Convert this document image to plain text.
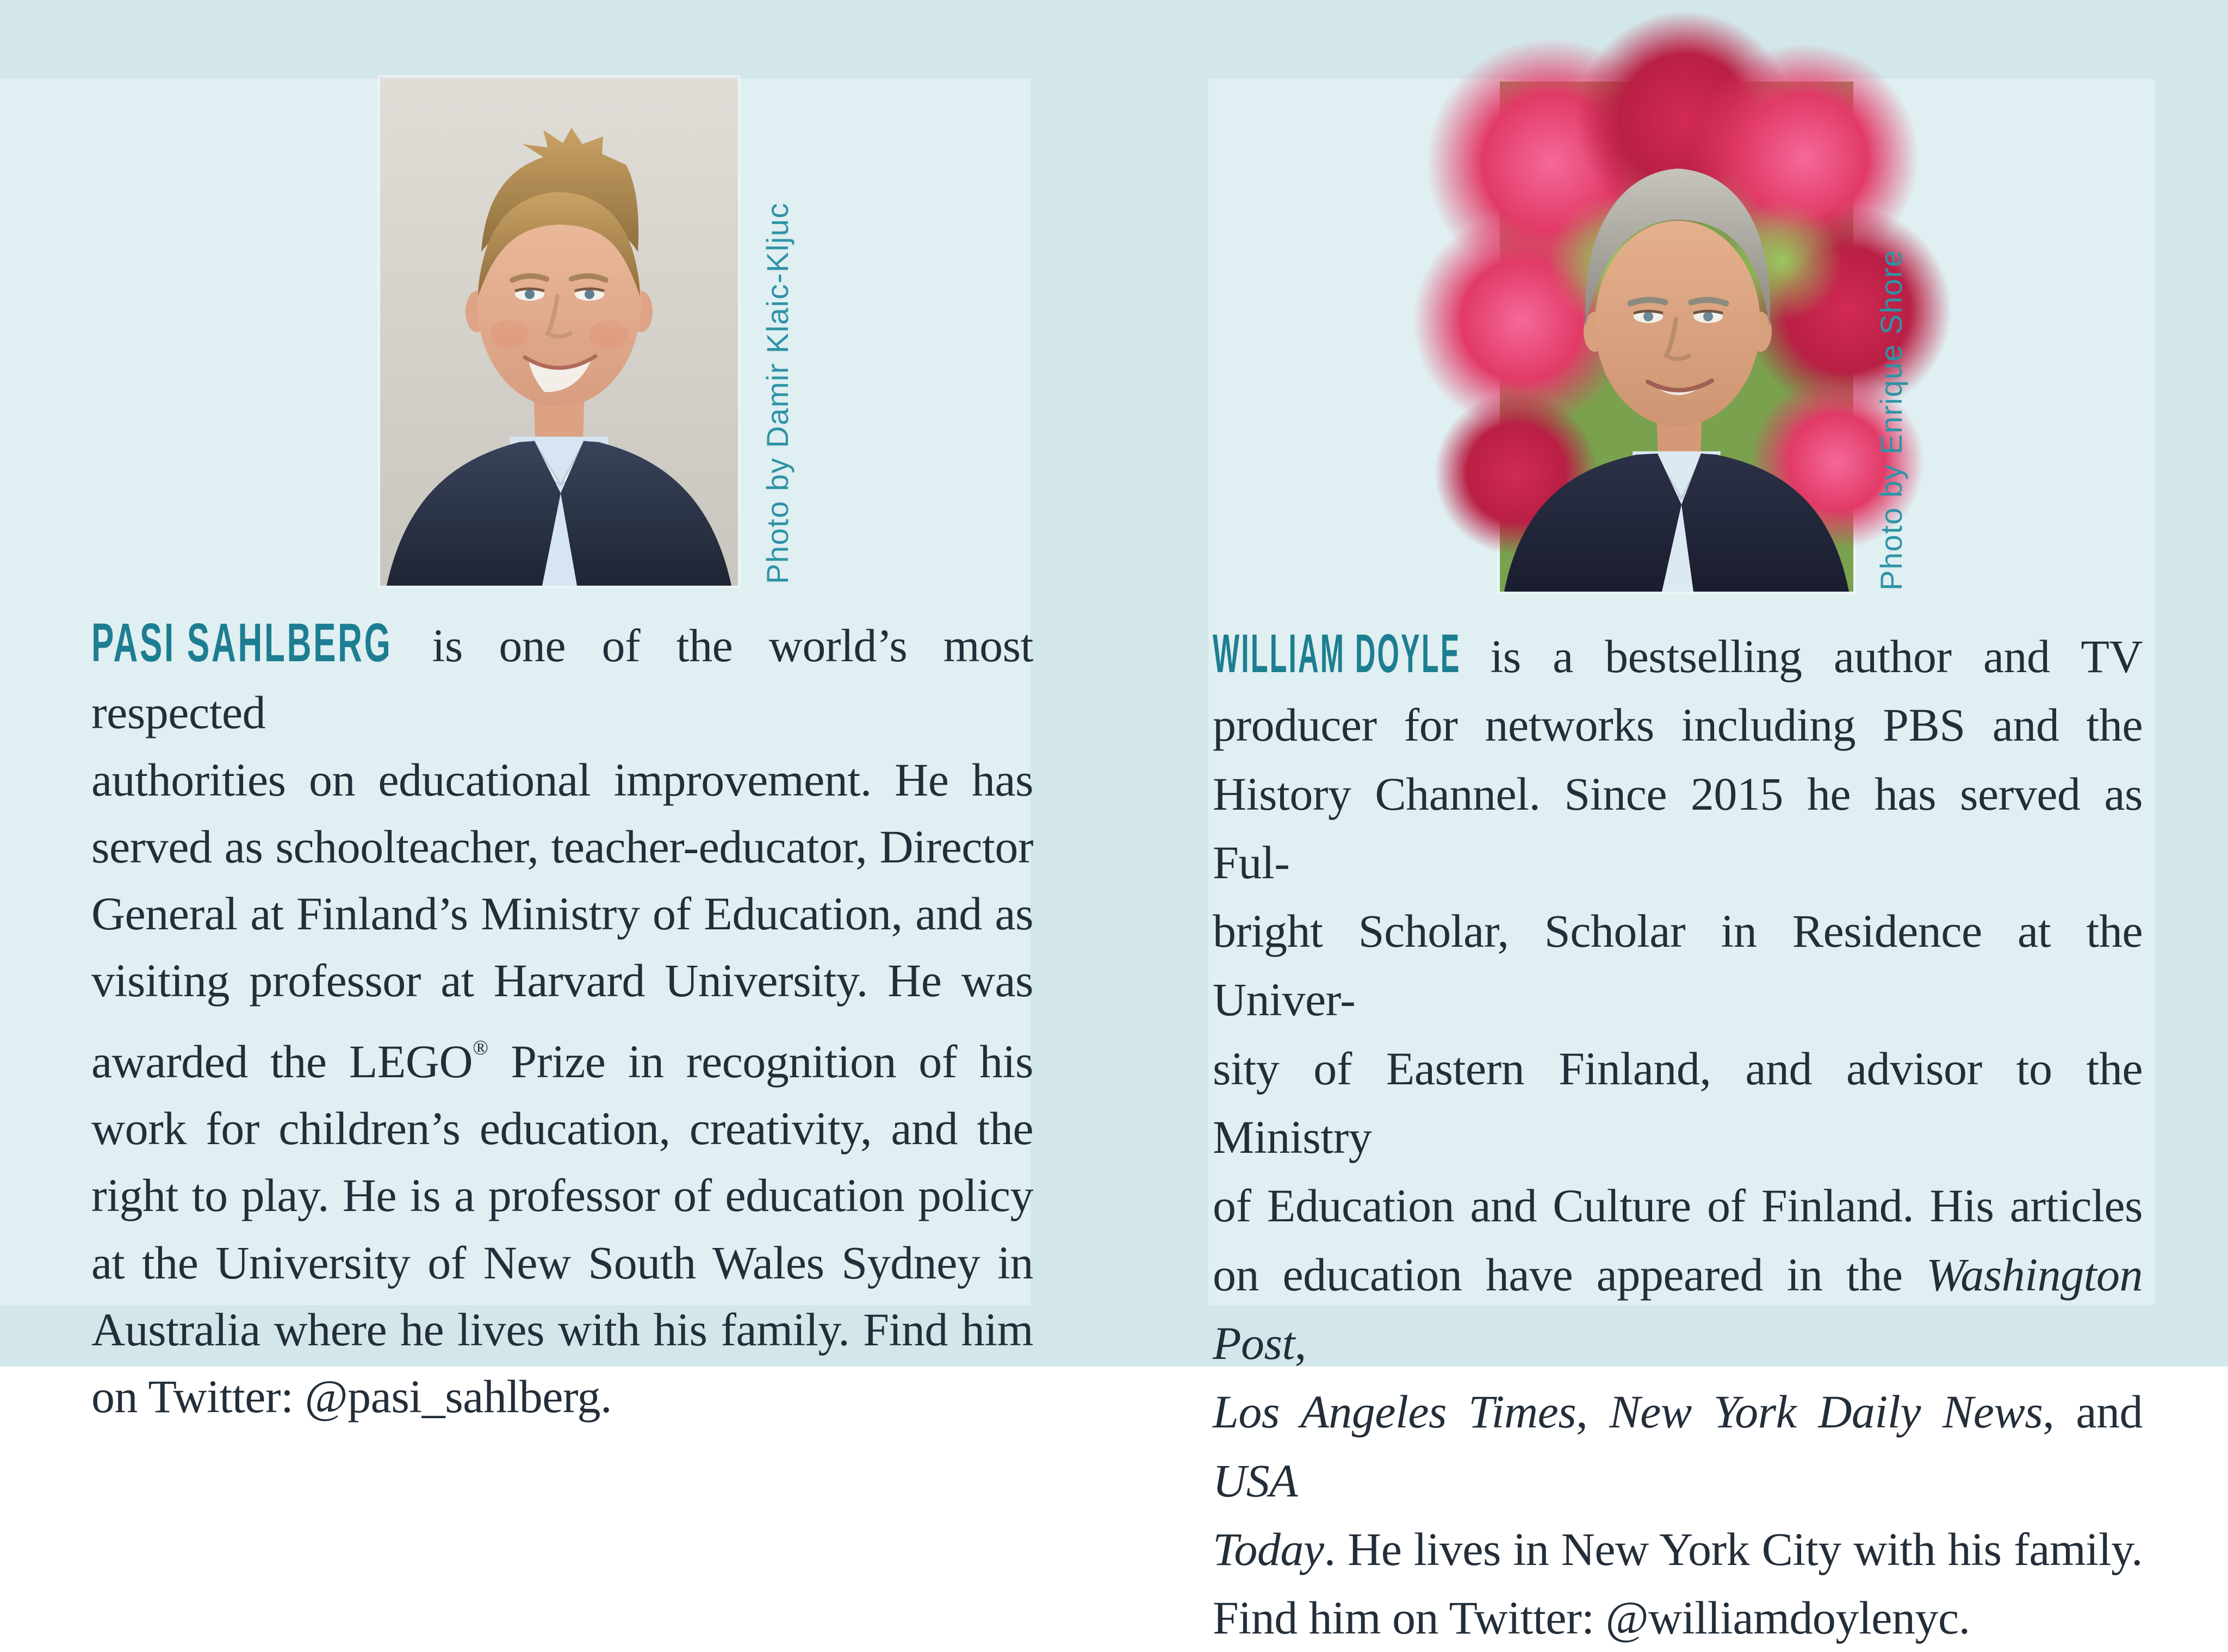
Photo by Damir Klaic-Kljuc	Photo by Enrique Shore
PASI SAHLBERG is one of the world’s most respected
authorities on educational improvement. He has
served as schoolteacher, teacher-educator, Director
General at Finland’s Ministry of Education, and as
visiting professor at Harvard University. He was
awarded the LEGO® Prize in recognition of his
work for children’s education, creativity, and the
right to play. He is a professor of education policy
at the University of New South Wales Sydney in
Australia where he lives with his family. Find him
on Twitter: @pasi_sahlberg.
WILLIAM DOYLE is a bestselling author and TV
producer for networks including PBS and the
History Channel. Since 2015 he has served as Ful-
bright Scholar, Scholar in Residence at the Univer-
sity of Eastern Finland, and advisor to the Ministry
of Education and Culture of Finland. His articles
on education have appeared in the Washington Post,
Los Angeles Times, New York Daily News, and USA
Today. He lives in New York City with his family.
Find him on Twitter: @williamdoylenyc.
